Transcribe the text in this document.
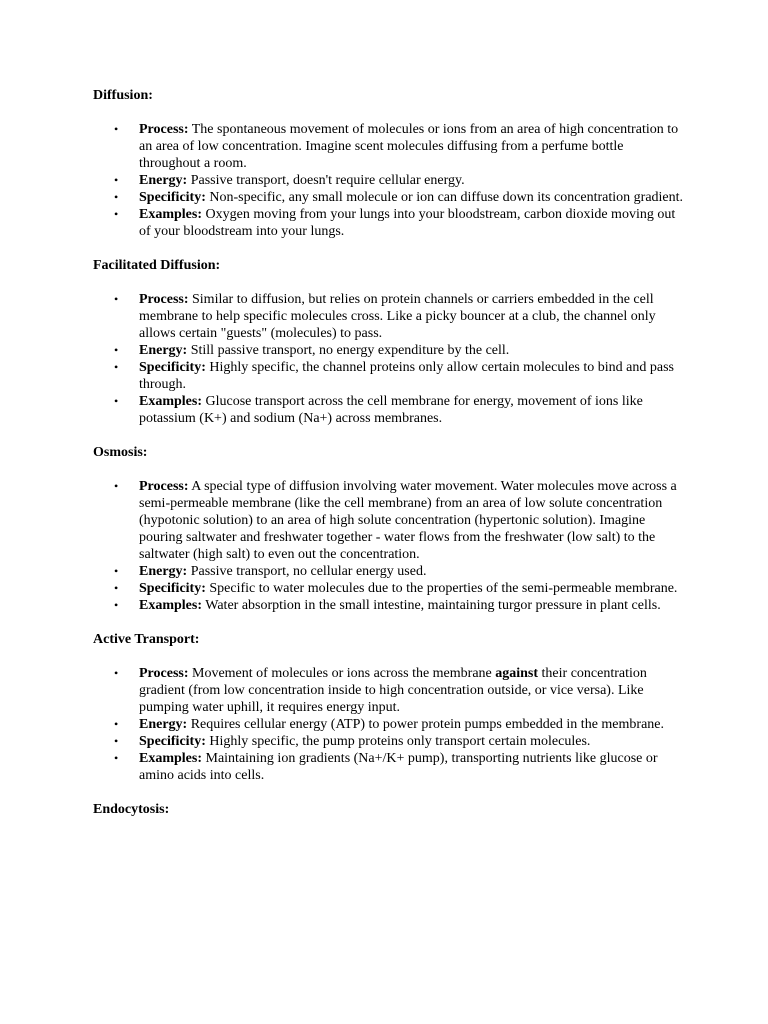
Diffusion:

• Process: The spontaneous movement of molecules or ions from an area of high concentration to an area of low concentration. Imagine scent molecules diffusing from a perfume bottle throughout a room.
• Energy: Passive transport, doesn't require cellular energy.
• Specificity: Non-specific, any small molecule or ion can diffuse down its concentration gradient.
• Examples: Oxygen moving from your lungs into your bloodstream, carbon dioxide moving out of your bloodstream into your lungs.

Facilitated Diffusion:

• Process: Similar to diffusion, but relies on protein channels or carriers embedded in the cell membrane to help specific molecules cross. Like a picky bouncer at a club, the channel only allows certain "guests" (molecules) to pass.
• Energy: Still passive transport, no energy expenditure by the cell.
• Specificity: Highly specific, the channel proteins only allow certain molecules to bind and pass through.
• Examples: Glucose transport across the cell membrane for energy, movement of ions like potassium (K+) and sodium (Na+) across membranes.

Osmosis:

• Process: A special type of diffusion involving water movement. Water molecules move across a semi-permeable membrane (like the cell membrane) from an area of low solute concentration (hypotonic solution) to an area of high solute concentration (hypertonic solution). Imagine pouring saltwater and freshwater together - water flows from the freshwater (low salt) to the saltwater (high salt) to even out the concentration.
• Energy: Passive transport, no cellular energy used.
• Specificity: Specific to water molecules due to the properties of the semi-permeable membrane.
• Examples: Water absorption in the small intestine, maintaining turgor pressure in plant cells.

Active Transport:

• Process: Movement of molecules or ions across the membrane against their concentration gradient (from low concentration inside to high concentration outside, or vice versa). Like pumping water uphill, it requires energy input.
• Energy: Requires cellular energy (ATP) to power protein pumps embedded in the membrane.
• Specificity: Highly specific, the pump proteins only transport certain molecules.
• Examples: Maintaining ion gradients (Na+/K+ pump), transporting nutrients like glucose or amino acids into cells.

Endocytosis:
